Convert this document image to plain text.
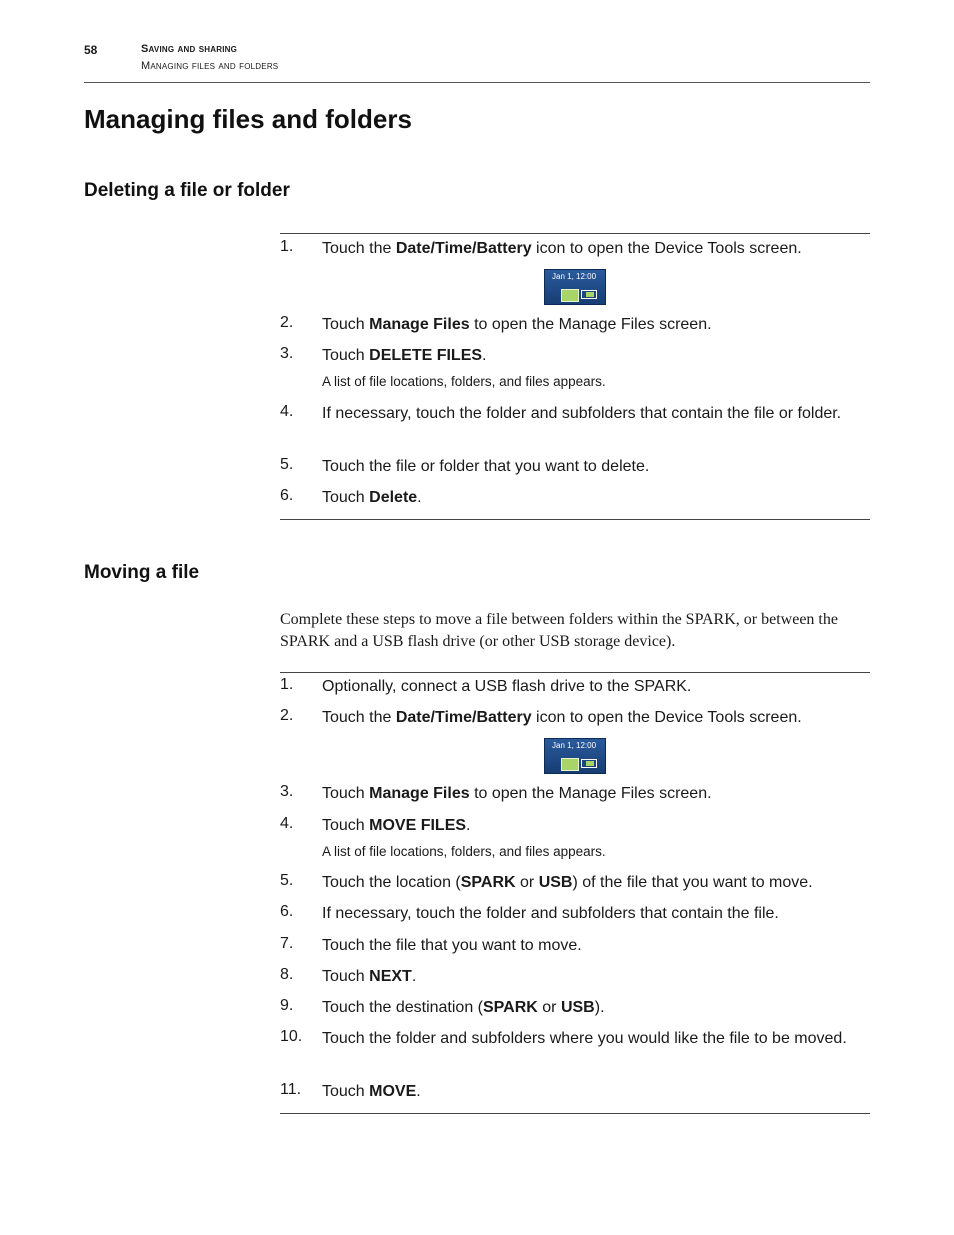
58	Saving and sharing
Managing files and folders
Managing files and folders
Deleting a file or folder
1. Touch the Date/Time/Battery icon to open the Device Tools screen.
Jan 1, 12:00
2. Touch Manage Files to open the Manage Files screen.
3. Touch DELETE FILES.
A list of file locations, folders, and files appears.
4. If necessary, touch the folder and subfolders that contain the file or folder.
5. Touch the file or folder that you want to delete.
6. Touch Delete.
Moving a file
Complete these steps to move a file between folders within the SPARK, or between the SPARK and a USB flash drive (or other USB storage device).
1. Optionally, connect a USB flash drive to the SPARK.
2. Touch the Date/Time/Battery icon to open the Device Tools screen.
Jan 1, 12:00
3. Touch Manage Files to open the Manage Files screen.
4. Touch MOVE FILES.
A list of file locations, folders, and files appears.
5. Touch the location (SPARK or USB) of the file that you want to move.
6. If necessary, touch the folder and subfolders that contain the file.
7. Touch the file that you want to move.
8. Touch NEXT.
9. Touch the destination (SPARK or USB).
10. Touch the folder and subfolders where you would like the file to be moved.
11. Touch MOVE.
